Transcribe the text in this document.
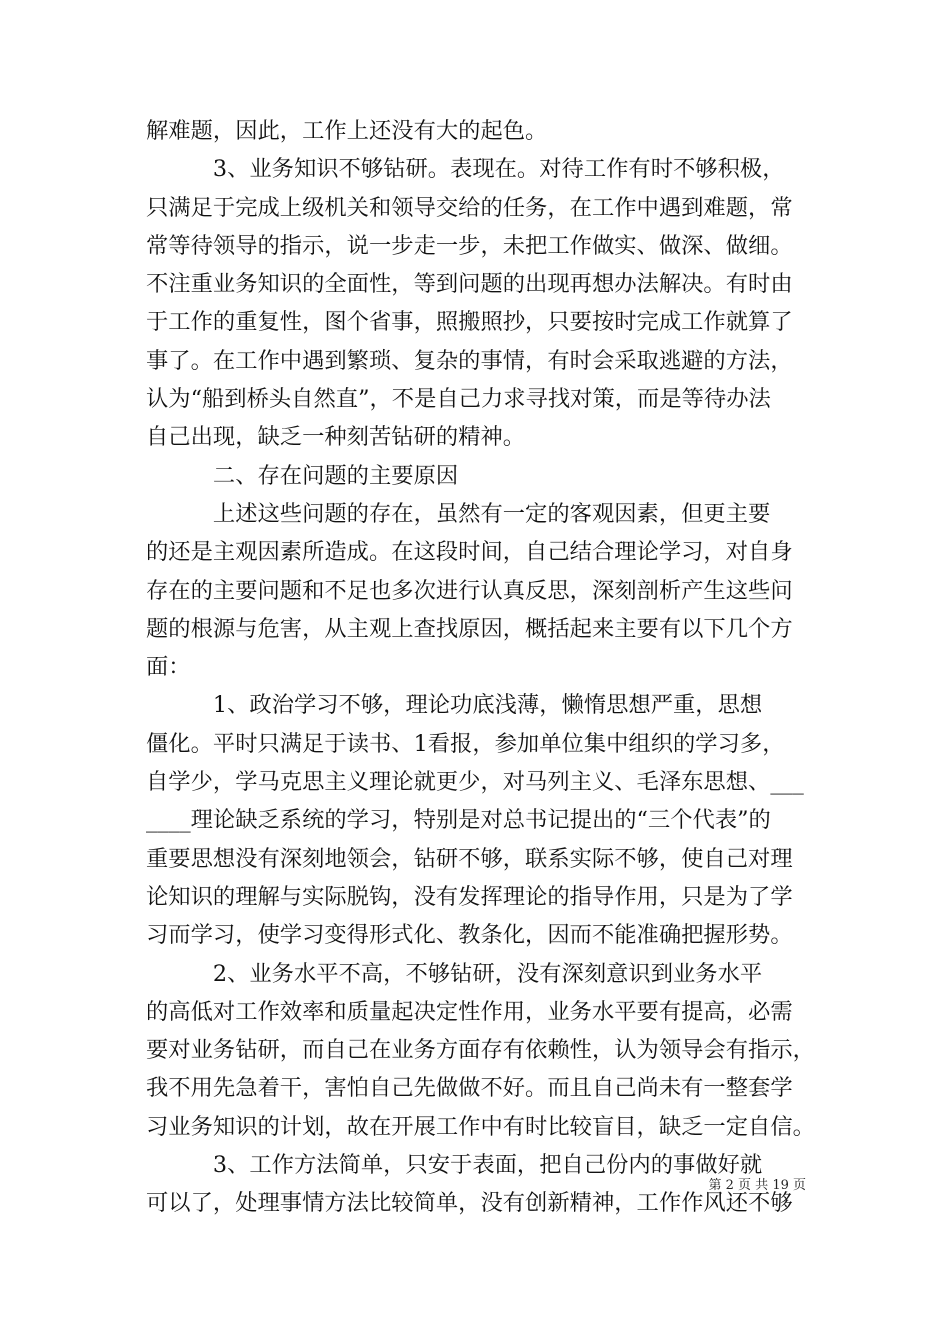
解难题，因此，工作上还没有大的起色。
　　　3、业务知识不够钻研。表现在。对待工作有时不够积极，
只满足于完成上级机关和领导交给的任务，在工作中遇到难题，常
常等待领导的指示，说一步走一步，未把工作做实、做深、做细。
不注重业务知识的全面性，等到问题的出现再想办法解决。有时由
于工作的重复性，图个省事，照搬照抄，只要按时完成工作就算了
事了。在工作中遇到繁琐、复杂的事情，有时会采取逃避的方法，
认为“船到桥头自然直”，不是自己力求寻找对策，而是等待办法
自己出现，缺乏一种刻苦钻研的精神。
　　　二、存在问题的主要原因
　　　上述这些问题的存在，虽然有一定的客观因素，但更主要
的还是主观因素所造成。在这段时间，自己结合理论学习，对自身
存在的主要问题和不足也多次进行认真反思，深刻剖析产生这些问
题的根源与危害，从主观上查找原因，概括起来主要有以下几个方
面：
　　　1、政治学习不够，理论功底浅薄，懒惰思想严重，思想
僵化。平时只满足于读书、1看报，参加单位集中组织的学习多，
自学少，学马克思主义理论就更少，对马列主义、毛泽东思想、___
____理论缺乏系统的学习，特别是对总书记提出的“三个代表”的
重要思想没有深刻地领会，钻研不够，联系实际不够，使自己对理
论知识的理解与实际脱钩，没有发挥理论的指导作用，只是为了学
习而学习，使学习变得形式化、教条化，因而不能准确把握形势。
　　　2、业务水平不高，不够钻研，没有深刻意识到业务水平
的高低对工作效率和质量起决定性作用，业务水平要有提高，必需
要对业务钻研，而自己在业务方面存有依赖性，认为领导会有指示，
我不用先急着干，害怕自己先做做不好。而且自己尚未有一整套学
习业务知识的计划，故在开展工作中有时比较盲目，缺乏一定自信。
　　　3、工作方法简单，只安于表面，把自己份内的事做好就
可以了，处理事情方法比较简单，没有创新精神，工作作风还不够
第 2 页 共 19 页
